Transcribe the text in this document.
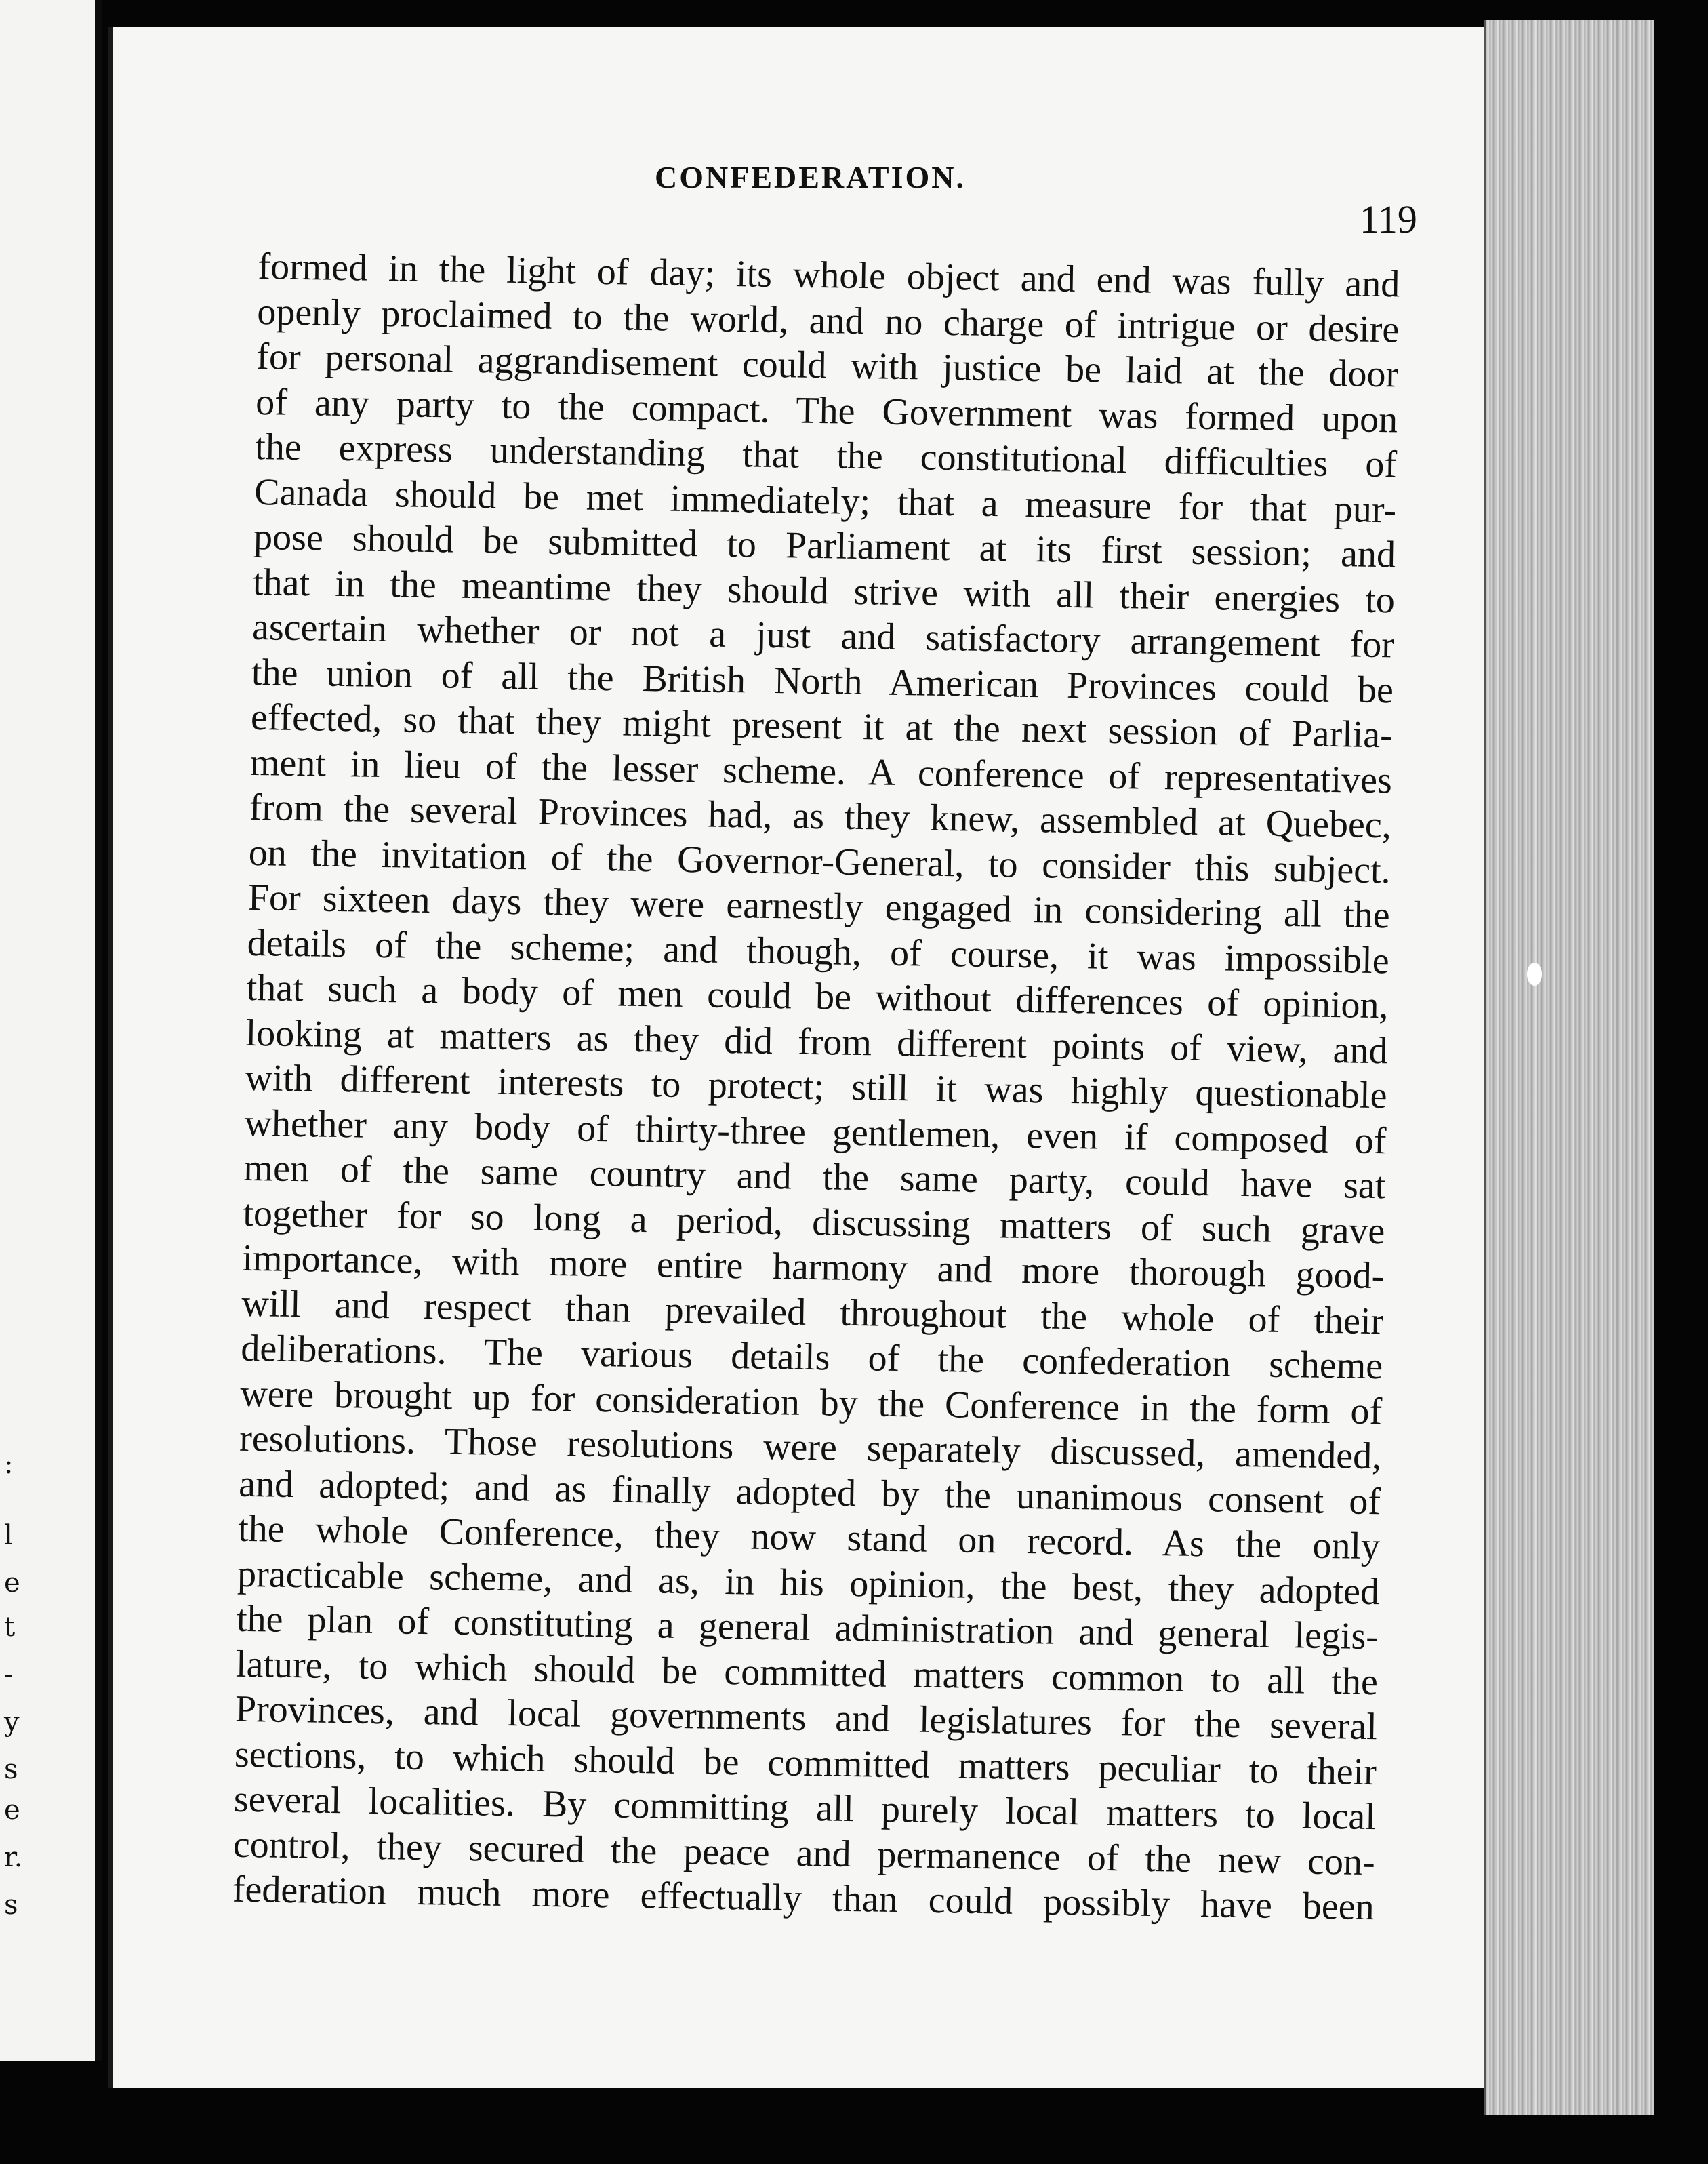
:
l
e
t
-
y
s
e
r.
s
CONFEDERATION.
119
formed in the light of day; its whole object and end was fully and
openly proclaimed to the world, and no charge of intrigue or desire
for personal aggrandisement could with justice be laid at the door
of any party to the compact. The Government was formed upon
the express understanding that the constitutional difficulties of
Canada should be met immediately; that a measure for that pur-
pose should be submitted to Parliament at its first session; and
that in the meantime they should strive with all their energies to
ascertain whether or not a just and satisfactory arrangement for
the union of all the British North American Provinces could be
effected, so that they might present it at the next session of Parlia-
ment in lieu of the lesser scheme. A conference of representatives
from the several Provinces had, as they knew, assembled at Quebec,
on the invitation of the Governor-General, to consider this subject.
For sixteen days they were earnestly engaged in considering all the
details of the scheme; and though, of course, it was impossible
that such a body of men could be without differences of opinion,
looking at matters as they did from different points of view, and
with different interests to protect; still it was highly questionable
whether any body of thirty-three gentlemen, even if composed of
men of the same country and the same party, could have sat
together for so long a period, discussing matters of such grave
importance, with more entire harmony and more thorough good-
will and respect than prevailed throughout the whole of their
deliberations. The various details of the confederation scheme
were brought up for consideration by the Conference in the form of
resolutions. Those resolutions were separately discussed, amended,
and adopted; and as finally adopted by the unanimous consent of
the whole Conference, they now stand on record. As the only
practicable scheme, and as, in his opinion, the best, they adopted
the plan of constituting a general administration and general legis-
lature, to which should be committed matters common to all the
Provinces, and local governments and legislatures for the several
sections, to which should be committed matters peculiar to their
several localities. By committing all purely local matters to local
control, they secured the peace and permanence of the new con-
federation much more effectually than could possibly have been
